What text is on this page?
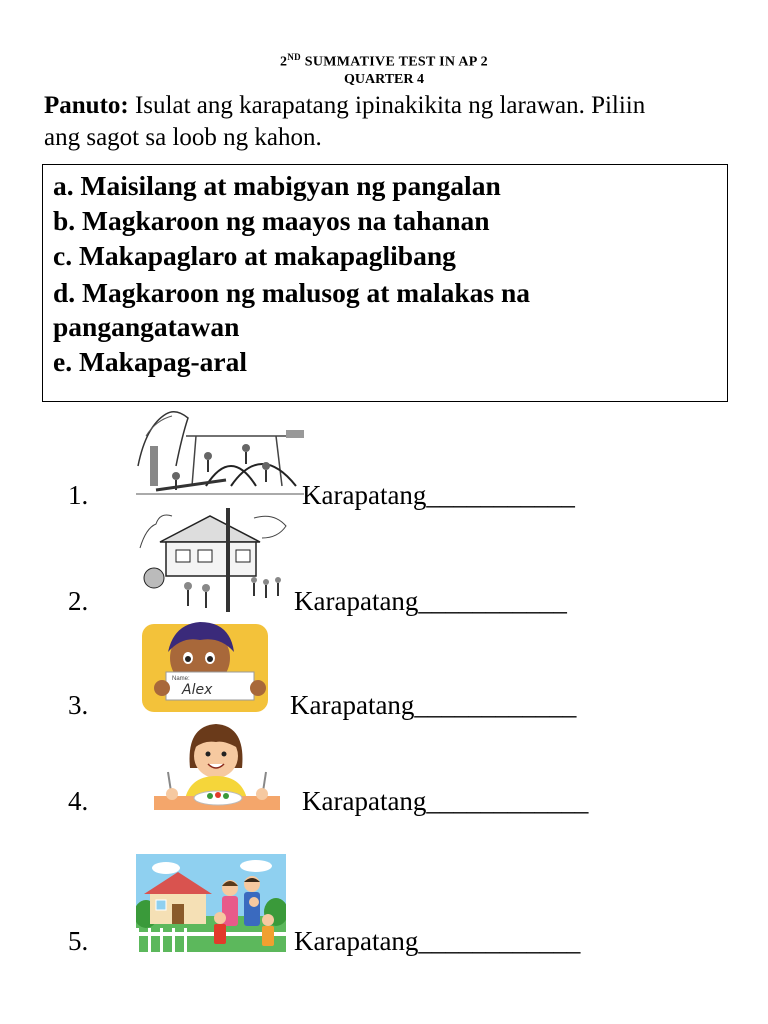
2ND SUMMATIVE TEST IN AP 2
QUARTER 4
Panuto: Isulat ang karapatang ipinakikita ng larawan. Piliin ang sagot sa loob ng kahon.
a. Maisilang at mabigyan ng pangalan
b. Magkaroon ng maayos na tahanan
c. Makapaglaro at makapaglibang
d. Magkaroon ng malusog at malakas na
pangangatawan
e. Makapag-aral
1.	Karapatang___________
2.	Karapatang___________
Name:
Alex
3.	Karapatang____________
4.	Karapatang____________
5.	Karapatang____________
